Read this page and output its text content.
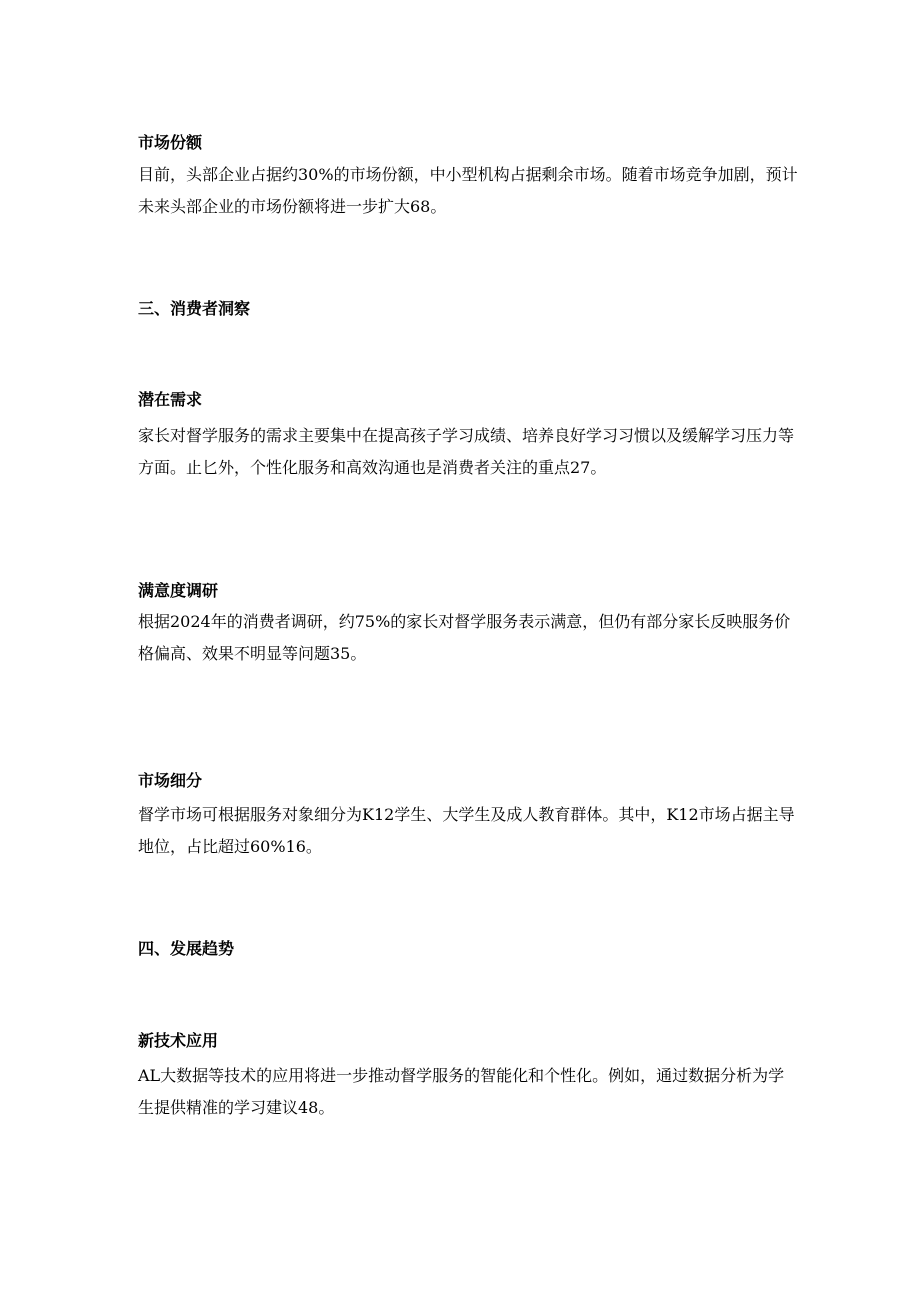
市场份额
目前，头部企业占据约30%的市场份额，中小型机构占据剩余市场。随着市场竞争加剧，预计未来头部企业的市场份额将进一步扩大68。
三、消费者洞察
潜在需求
家长对督学服务的需求主要集中在提高孩子学习成绩、培养良好学习习惯以及缓解学习压力等方面。止匕外，个性化服务和高效沟通也是消费者关注的重点27。
满意度调研
根据2024年的消费者调研，约75%的家长对督学服务表示满意，但仍有部分家长反映服务价格偏高、效果不明显等问题35。
市场细分
督学市场可根据服务对象细分为K12学生、大学生及成人教育群体。其中，K12市场占据主导地位，占比超过60%16。
四、发展趋势
新技术应用
AL大数据等技术的应用将进一步推动督学服务的智能化和个性化。例如，通过数据分析为学生提供精准的学习建议48。
